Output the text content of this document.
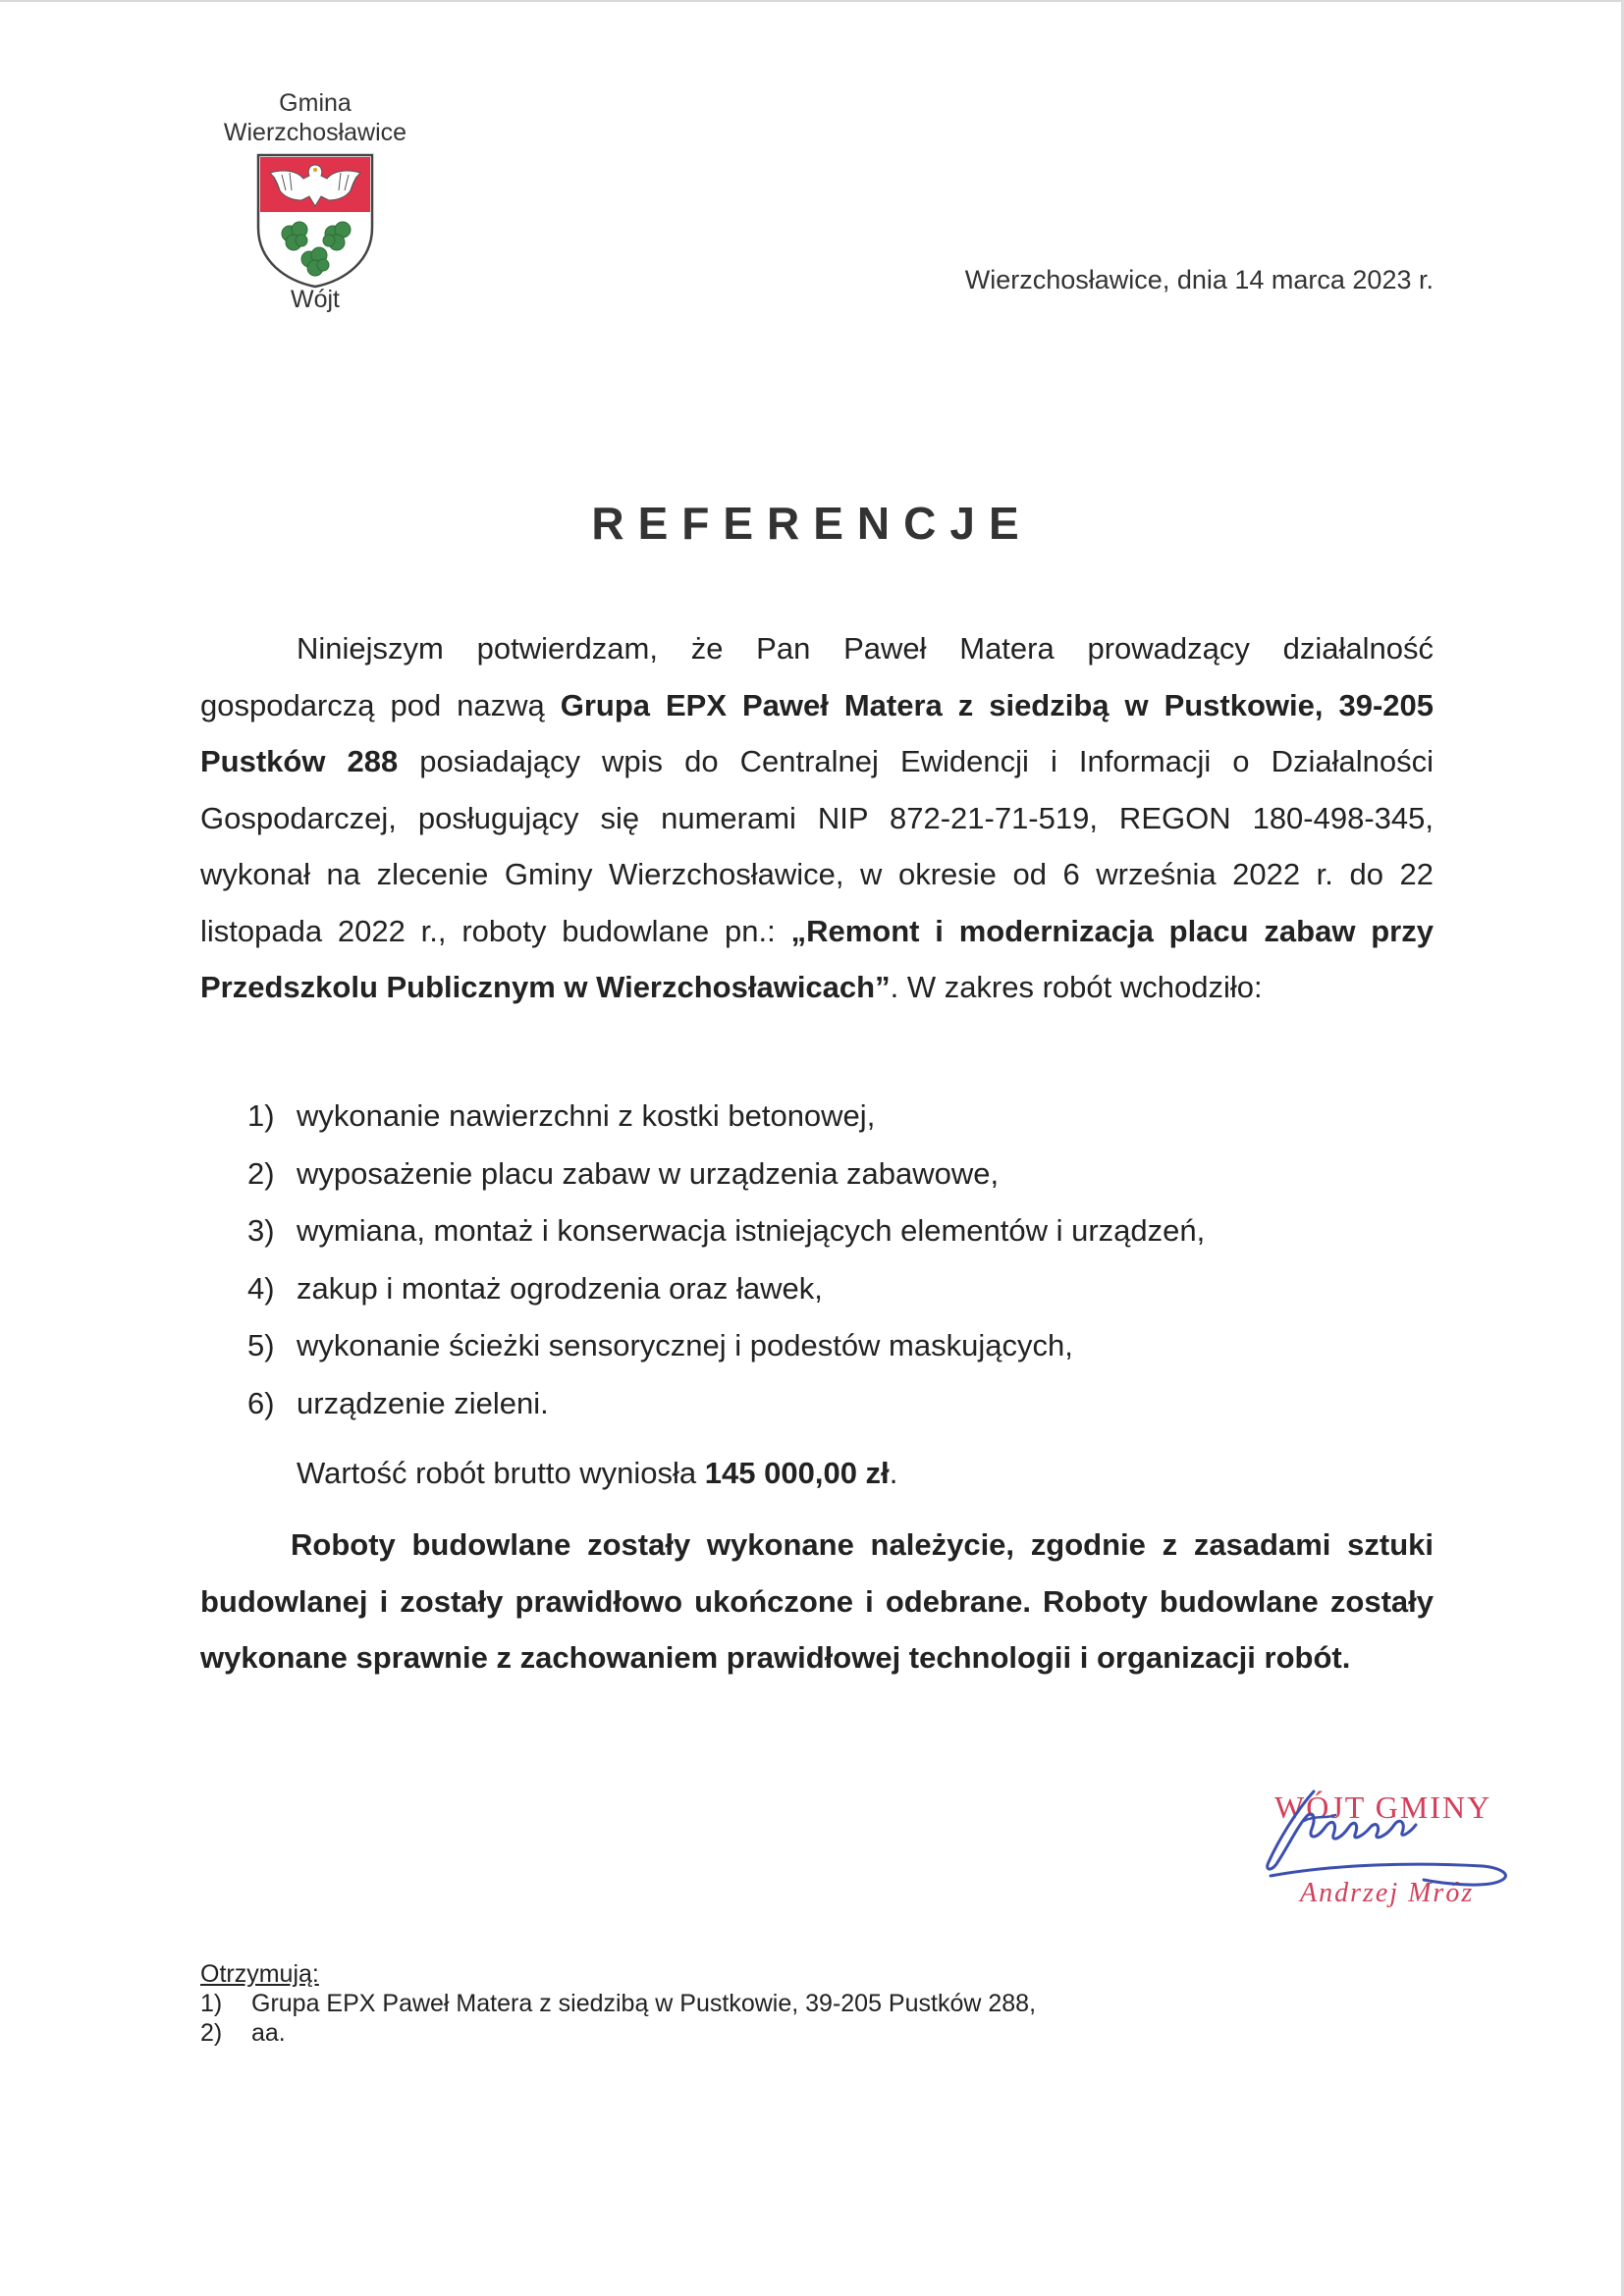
Gmina
Wierzchosławice
Wójt
Wierzchosławice, dnia 14 marca 2023 r.
REFERENCJE
Niniejszym potwierdzam, że Pan Paweł Matera prowadzący działalność gospodarczą pod nazwą Grupa EPX Paweł Matera z siedzibą w Pustkowie, 39-205 Pustków 288 posiadający wpis do Centralnej Ewidencji i Informacji o Działalności Gospodarczej, posługujący się numerami NIP 872-21-71-519, REGON 180-498-345, wykonał na zlecenie Gminy Wierzchosławice, w okresie od 6 września 2022 r. do 22 listopada 2022 r., roboty budowlane pn.: „Remont i modernizacja placu zabaw przy Przedszkolu Publicznym w Wierzchosławicach”. W zakres robót wchodziło:
1) wykonanie nawierzchni z kostki betonowej,
2) wyposażenie placu zabaw w urządzenia zabawowe,
3) wymiana, montaż i konserwacja istniejących elementów i urządzeń,
4) zakup i montaż ogrodzenia oraz ławek,
5) wykonanie ścieżki sensorycznej i podestów maskujących,
6) urządzenie zieleni.
Wartość robót brutto wyniosła 145 000,00 zł.
Roboty budowlane zostały wykonane należycie, zgodnie z zasadami sztuki budowlanej i zostały prawidłowo ukończone i odebrane. Roboty budowlane zostały wykonane sprawnie z zachowaniem prawidłowej technologii i organizacji robót.
WÓJT GMINY
Andrzej Mróz
Otrzymują:
1) Grupa EPX Paweł Matera z siedzibą w Pustkowie, 39-205 Pustków 288,
2) aa.
